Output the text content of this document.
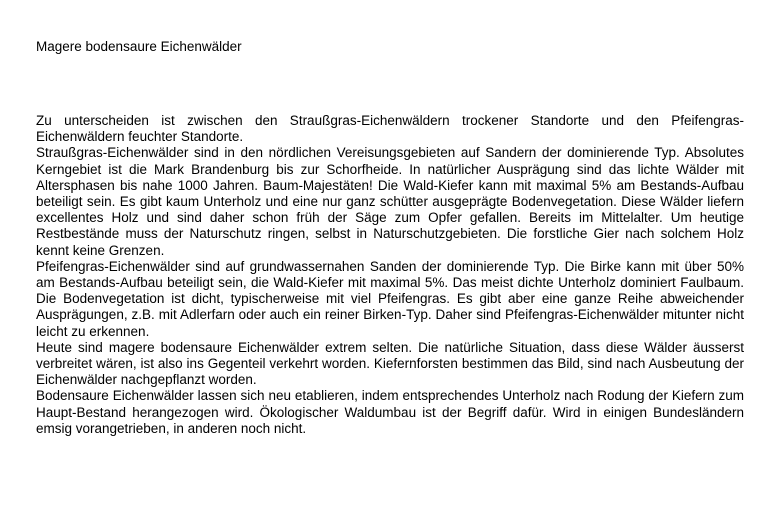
Magere bodensaure Eichenwälder

Zu unterscheiden ist zwischen den Straußgras-Eichenwäldern trockener Standorte und den Pfeifengras-Eichenwäldern feuchter Standorte.

Straußgras-Eichenwälder sind in den nördlichen Vereisungsgebieten auf Sandern der dominierende Typ. Absolutes Kerngebiet ist die Mark Brandenburg bis zur Schorfheide. In natürlicher Ausprägung sind das lichte Wälder mit Altersphasen bis nahe 1000 Jahren. Baum-Majestäten! Die Wald-Kiefer kann mit maximal 5% am Bestands-Aufbau beteiligt sein. Es gibt kaum Unterholz und eine nur ganz schütter ausgeprägte Bodenvegetation. Diese Wälder liefern excellentes Holz und sind daher schon früh der Säge zum Opfer gefallen. Bereits im Mittelalter. Um heutige Restbestände muss der Naturschutz ringen, selbst in Naturschutzgebieten. Die forstliche Gier nach solchem Holz kennt keine Grenzen.

Pfeifengras-Eichenwälder sind auf grundwassernahen Sanden der dominierende Typ. Die Birke kann mit über 50% am Bestands-Aufbau beteiligt sein, die Wald-Kiefer mit maximal 5%. Das meist dichte Unterholz dominiert Faulbaum. Die Bodenvegetation ist dicht, typischerweise mit viel Pfeifengras. Es gibt aber eine ganze Reihe abweichender Ausprägungen, z.B. mit Adlerfarn oder auch ein reiner Birken-Typ. Daher sind Pfeifengras-Eichenwälder mitunter nicht leicht zu erkennen.

Heute sind magere bodensaure Eichenwälder extrem selten. Die natürliche Situation, dass diese Wälder äusserst verbreitet wären, ist also ins Gegenteil verkehrt worden. Kiefernforsten bestimmen das Bild, sind nach Ausbeutung der Eichenwälder nachgepflanzt worden.

Bodensaure Eichenwälder lassen sich neu etablieren, indem entsprechendes Unterholz nach Rodung der Kiefern zum Haupt-Bestand herangezogen wird. Ökologischer Waldumbau ist der Begriff dafür. Wird in einigen Bundesländern emsig vorangetrieben, in anderen noch nicht.
